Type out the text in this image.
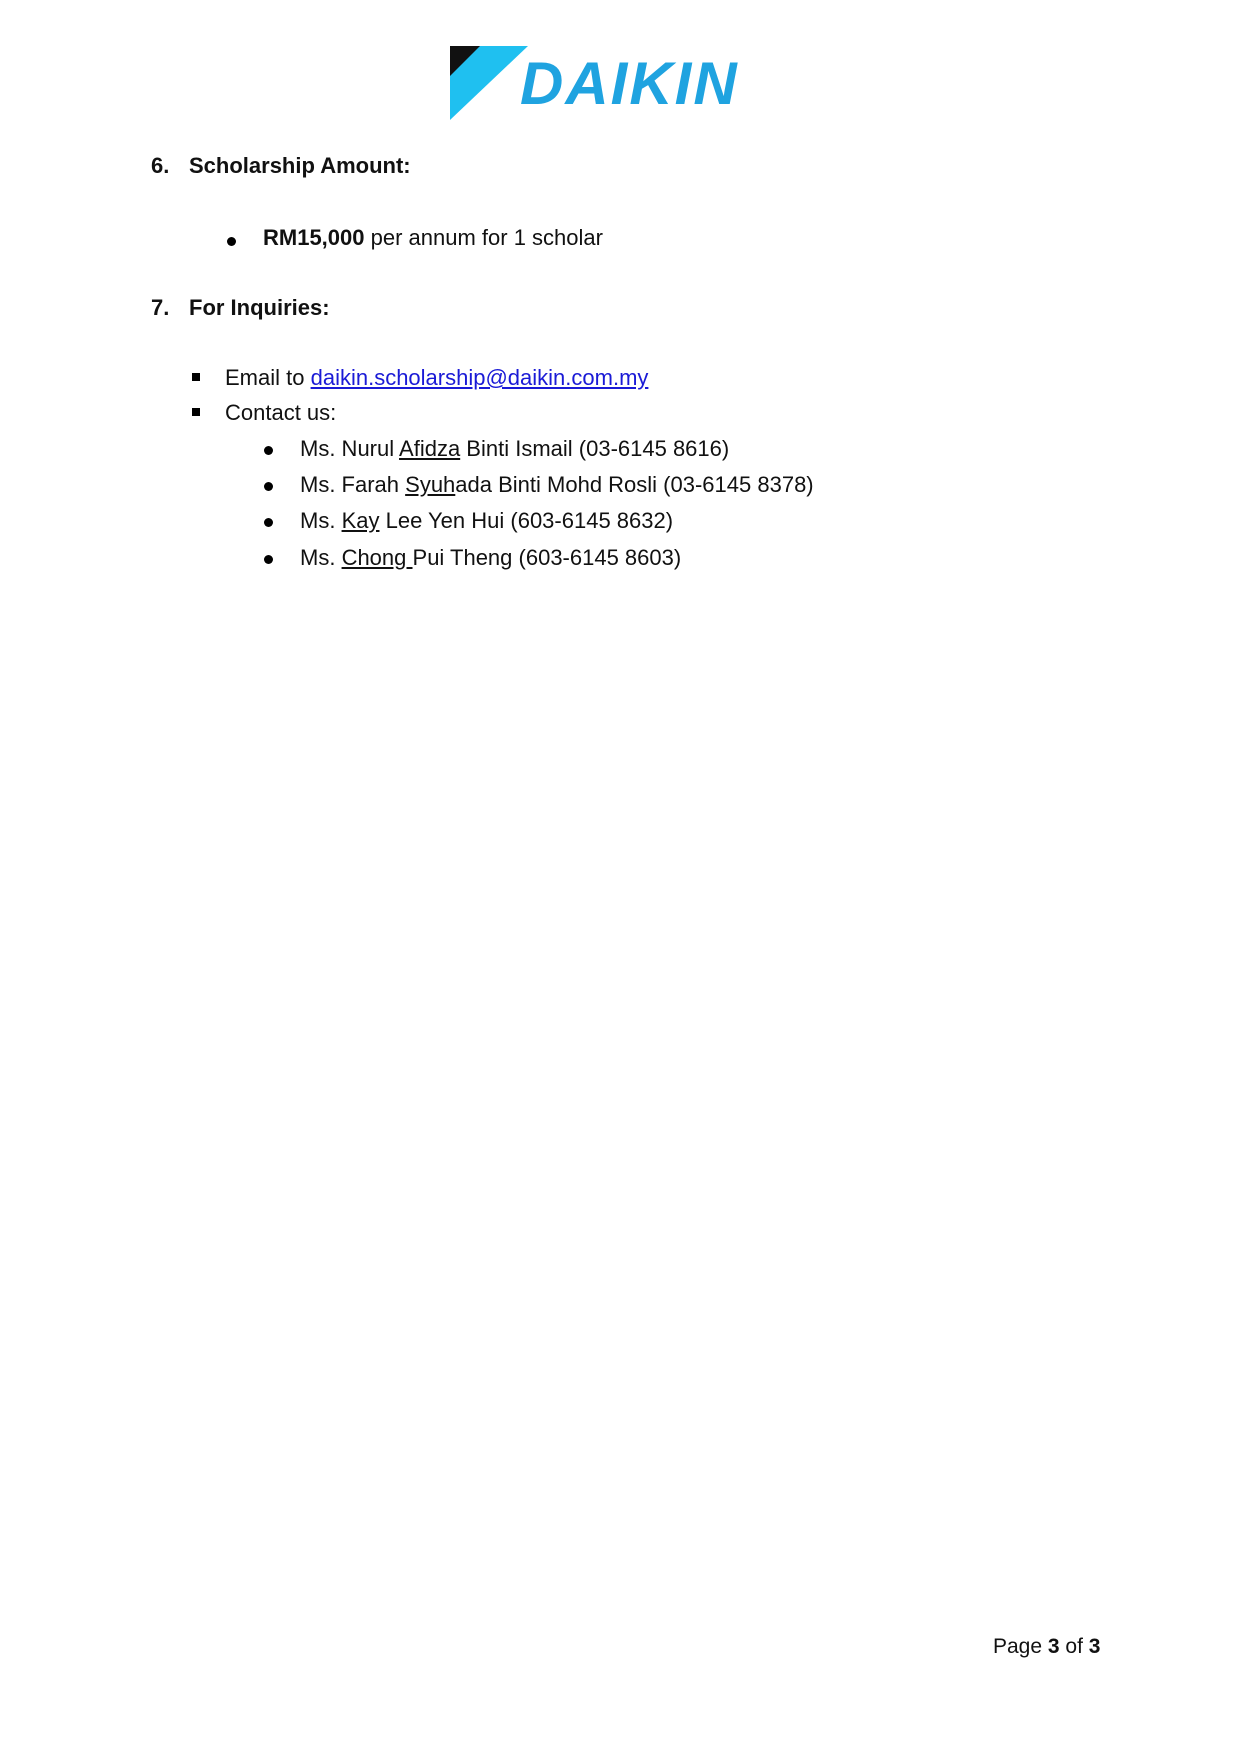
DAIKIN
6. Scholarship Amount:
RM15,000 per annum for 1 scholar
7. For Inquiries:
Email to daikin.scholarship@daikin.com.my
Contact us:
Ms. Nurul Afidza Binti Ismail (03-6145 8616)
Ms. Farah Syuhada Binti Mohd Rosli (03-6145 8378)
Ms. Kay Lee Yen Hui (603-6145 8632)
Ms. Chong Pui Theng (603-6145 8603)
Page 3 of 3
